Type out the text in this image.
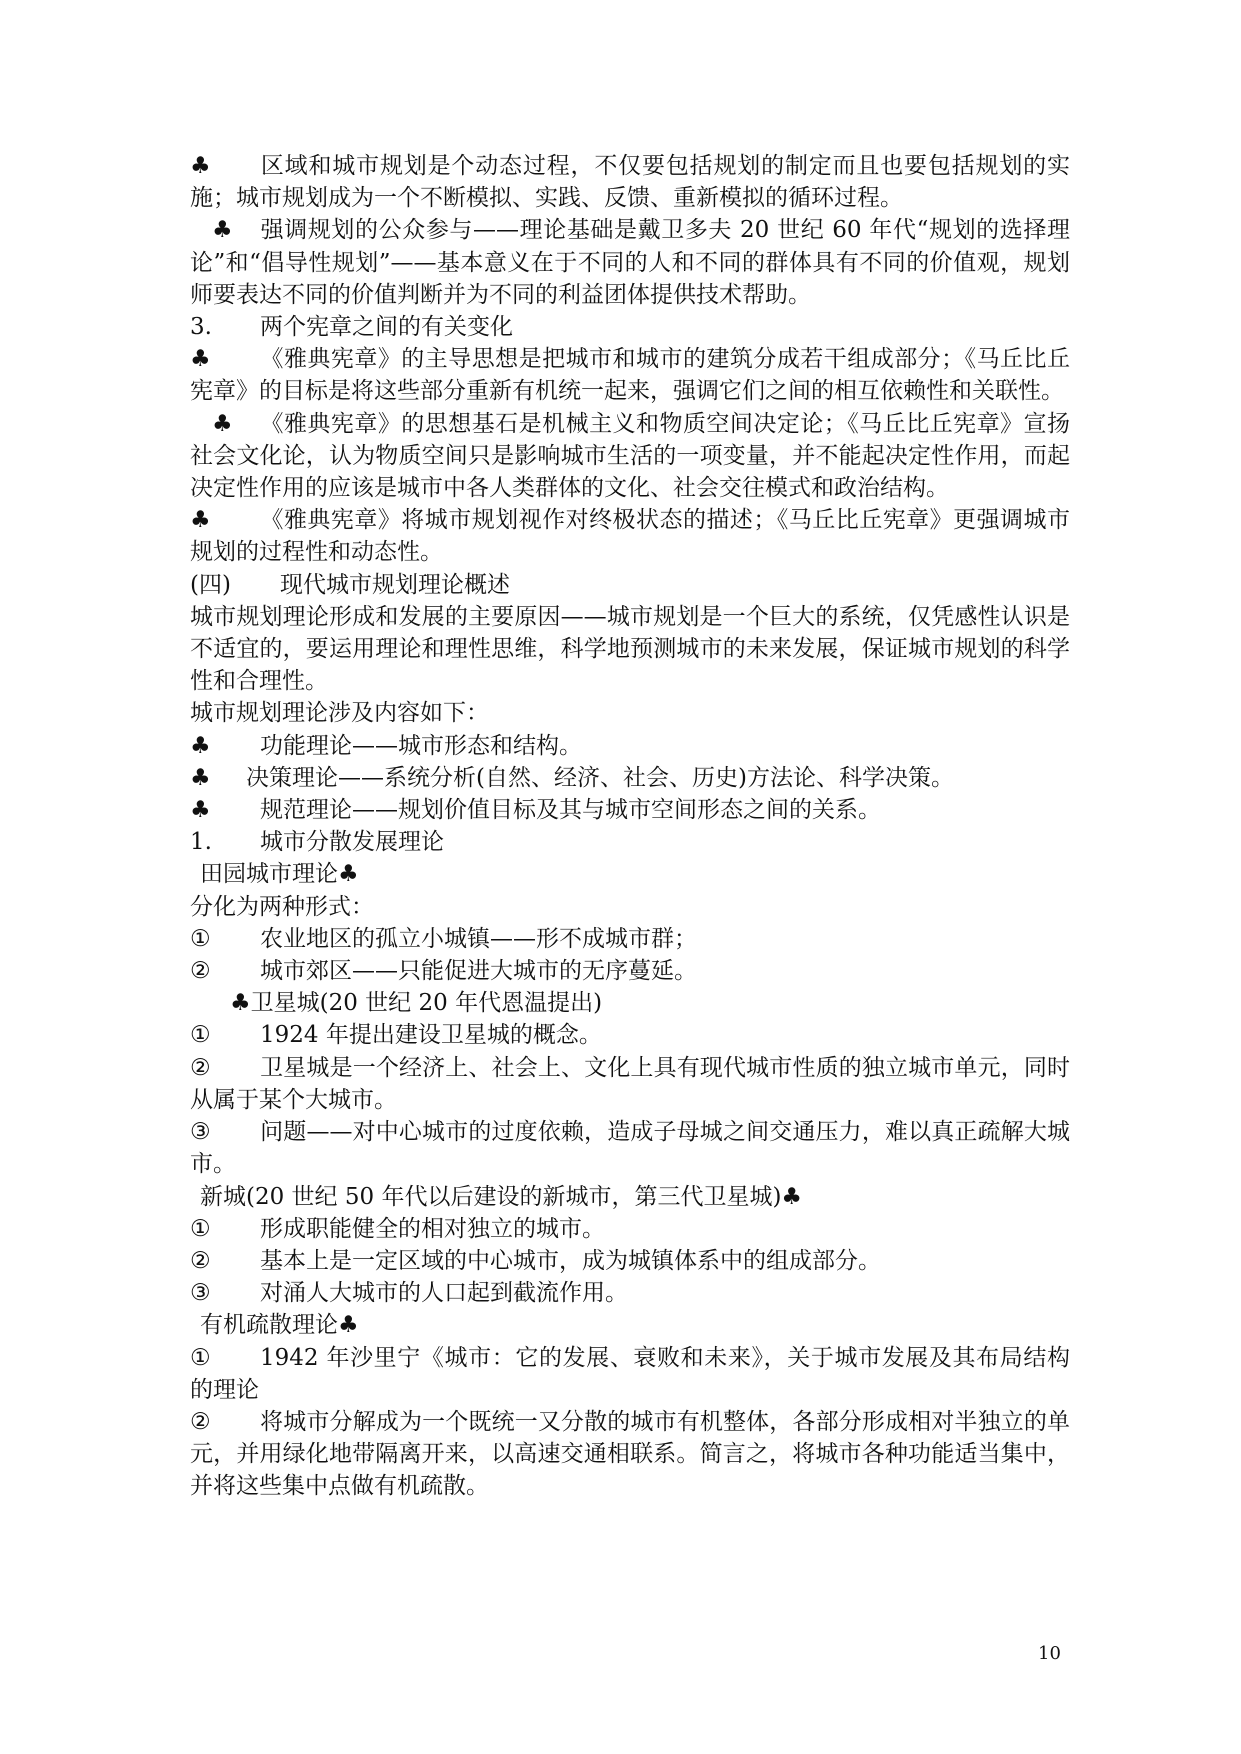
♣ 区域和城市规划是个动态过程，不仅要包括规划的制定而且也要包括规划的实施；城市规划成为一个不断模拟、实践、反馈、重新模拟的循环过程。

♣ 强调规划的公众参与——理论基础是戴卫多夫 20 世纪 60 年代“规划的选择理论”和“倡导性规划”——基本意义在于不同的人和不同的群体具有不同的价值观，规划师要表达不同的价值判断并为不同的利益团体提供技术帮助。

3. 两个宪章之间的有关变化

♣ 《雅典宪章》的主导思想是把城市和城市的建筑分成若干组成部分；《马丘比丘宪章》的目标是将这些部分重新有机统一起来，强调它们之间的相互依赖性和关联性。

♣ 《雅典宪章》的思想基石是机械主义和物质空间决定论；《马丘比丘宪章》宣扬社会文化论，认为物质空间只是影响城市生活的一项变量，并不能起决定性作用，而起决定性作用的应该是城市中各人类群体的文化、社会交往模式和政治结构。

♣ 《雅典宪章》将城市规划视作对终极状态的描述；《马丘比丘宪章》更强调城市规划的过程性和动态性。

(四) 现代城市规划理论概述

城市规划理论形成和发展的主要原因——城市规划是一个巨大的系统，仅凭感性认识是不适宜的，要运用理论和理性思维，科学地预测城市的未来发展，保证城市规划的科学性和合理性。

城市规划理论涉及内容如下：

♣ 功能理论——城市形态和结构。

♣ 决策理论——系统分析(自然、经济、社会、历史)方法论、科学决策。

♣ 规范理论——规划价值目标及其与城市空间形态之间的关系。

1. 城市分散发展理论

田园城市理论♣

分化为两种形式：

① 农业地区的孤立小城镇——形不成城市群；

② 城市郊区——只能促进大城市的无序蔓延。

♣卫星城(20 世纪 20 年代恩温提出)

① 1924 年提出建设卫星城的概念。

② 卫星城是一个经济上、社会上、文化上具有现代城市性质的独立城市单元，同时从属于某个大城市。

③ 问题——对中心城市的过度依赖，造成子母城之间交通压力，难以真正疏解大城市。

新城(20 世纪 50 年代以后建设的新城市，第三代卫星城)♣

① 形成职能健全的相对独立的城市。

② 基本上是一定区域的中心城市，成为城镇体系中的组成部分。

③ 对涌人大城市的人口起到截流作用。

有机疏散理论♣

① 1942 年沙里宁《城市：它的发展、衰败和未来》，关于城市发展及其布局结构的理论

② 将城市分解成为一个既统一又分散的城市有机整体，各部分形成相对半独立的单元，并用绿化地带隔离开来，以高速交通相联系。简言之，将城市各种功能适当集中，并将这些集中点做有机疏散。

10
